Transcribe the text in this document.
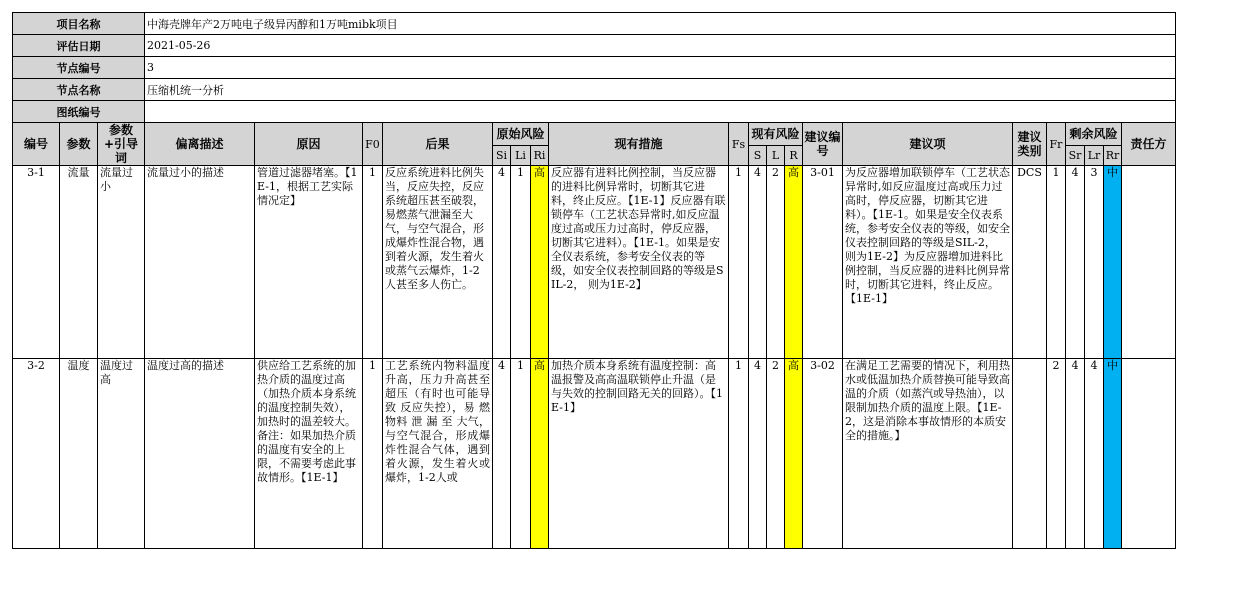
项目名称			中海壳牌年产2万吨电子级异丙醇和1万吨mibk项目																			
评估日期			2021-05-26																			
节点编号			3																			
节点名称			压缩机统一分析																			
图纸编号																						
编号	参数	参数+引导词	偏离描述	原因	F0	后果	原始风险			现有措施	Fs	现有风险			建议编号	建议项	建议类别	Fr	剩余风险			责任方
							Si	Li	Ri			S	L	R					Sr	Lr	Rr	
3-1	流量	流量过小	流量过小的描述	管道过滤器堵塞。【1E-1，根据工艺实际情况定】	1	反应系统进料比例失当，反应失控，反应系统超压甚至破裂，易燃蒸气泄漏至大气，与空气混合，形成爆炸性混合物，遇到着火源，发生着火或蒸气云爆炸，1-2人甚至多人伤亡。	4	1	高	反应器有进料比例控制，当反应器的进料比例异常时，切断其它进料，终止反应。【1E-1】反应器有联锁停车（工艺状态异常时,如反应温度过高或压力过高时，停反应器，切断其它进料）。【1E-1。如果是安全仪表系统，参考安全仪表的等级，如安全仪表控制回路的等级是SIL-2， 则为1E-2】	1	4	2	高	3-01	为反应器增加联锁停车（工艺状态异常时,如反应温度过高或压力过高时，停反应器，切断其它进料）。【1E-1。如果是安全仪表系统，参考安全仪表的等级，如安全仪表控制回路的等级是SIL-2， 则为1E-2】为反应器增加进料比例控制，当反应器的进料比例异常时，切断其它进料，终止反应。【1E-1】	DCS	1	4	3	中	
3-2	温度	温度过高	温度过高的描述	供应给工艺系统的加热介质的温度过高（加热介质本身系统的温度控制失效），加热时的温差较大。备注：如果加热介质的温度有安全的上限，不需要考虑此事故情形。【1E-1】	1	工艺系统内物料温度升高，压力升高甚至超压（有时也可能导致 反应失控），易 燃物料 泄 漏 至 大气，与空气混合，形成爆炸性混合气体，遇到着火源，发生着火或爆炸，1-2人或	4	1	高	加热介质本身系统有温度控制：高温报警及高高温联锁停止升温（是与失效的控制回路无关的回路）。【1E-1】	1	4	2	高	3-02	在满足工艺需要的情况下，利用热水或低温加热介质替换可能导致高温的介质（如蒸汽或导热油），以限制加热介质的温度上限。【1E-2，这是消除本事故情形的本质安全的措施。】		2	4	4	中	
